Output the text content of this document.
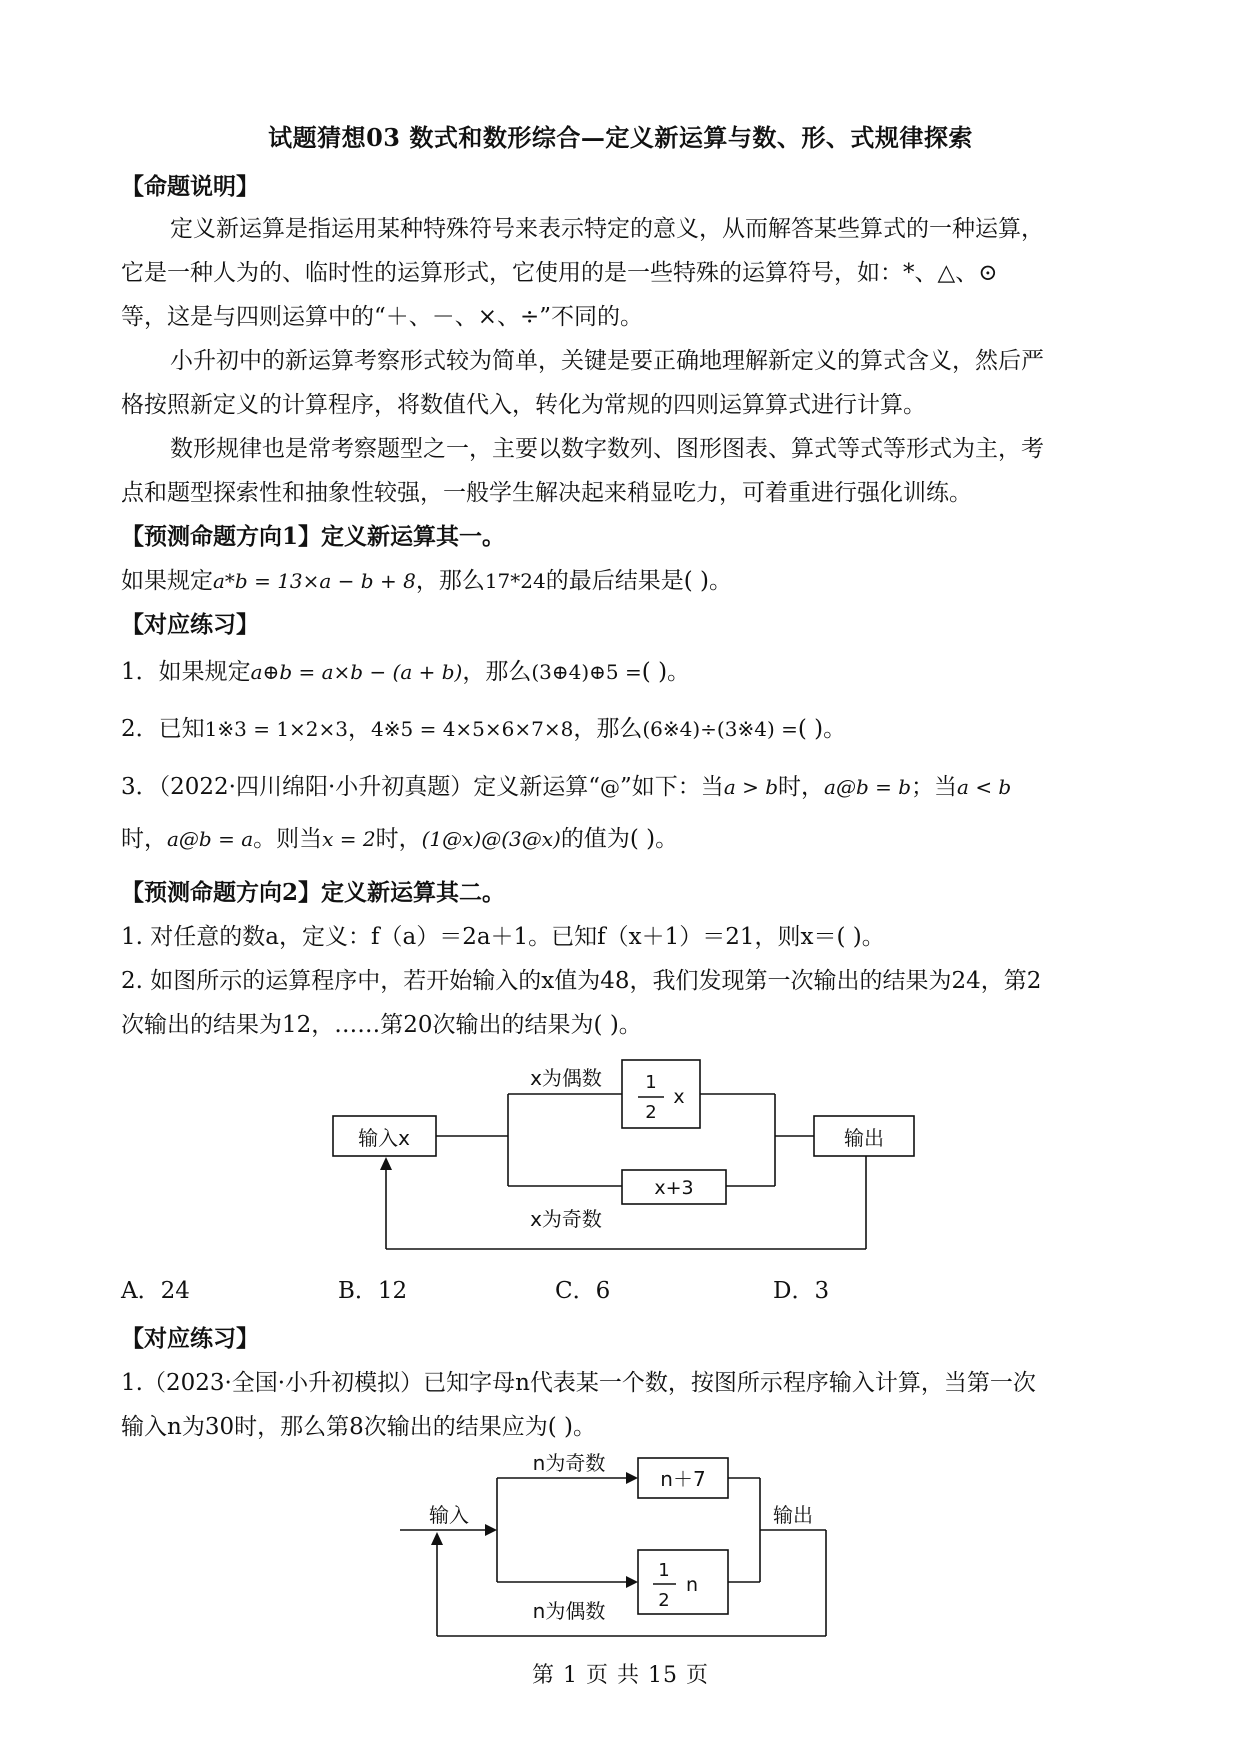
试题猜想03 数式和数形综合—定义新运算与数、形、式规律探索
【命题说明】
定义新运算是指运用某种特殊符号来表示特定的意义，从而解答某些算式的一种运算，
它是一种人为的、临时性的运算形式，它使用的是一些特殊的运算符号，如：*、△、⊙
等，这是与四则运算中的“＋、－、×、÷”不同的。
小升初中的新运算考察形式较为简单，关键是要正确地理解新定义的算式含义，然后严
格按照新定义的计算程序，将数值代入，转化为常规的四则运算算式进行计算。
数形规律也是常考察题型之一，主要以数字数列、图形图表、算式等式等形式为主，考
点和题型探索性和抽象性较强，一般学生解决起来稍显吃力，可着重进行强化训练。
【预测命题方向1】定义新运算其一。
如果规定a*b = 13×a − b + 8，那么17*24的最后结果是( )。
【对应练习】
1．如果规定a⊕b = a×b − (a + b)，那么(3⊕4)⊕5 =( )。
2．已知1※3 = 1×2×3，4※5 = 4×5×6×7×8，那么(6※4)÷(3※4) =( )。
3．（2022·四川绵阳·小升初真题）定义新运算“@”如下：当a > b时，a@b = b；当a < b
时，a@b = a。则当x = 2时，(1@x)@(3@x)的值为( )。
【预测命题方向2】定义新运算其二。
1. 对任意的数a，定义：f（a）＝2a＋1。已知f（x＋1）＝21，则x＝( )。
2. 如图所示的运算程序中，若开始输入的x值为48，我们发现第一次输出的结果为24，第2
次输出的结果为12，……第20次输出的结果为( )。
输入x
x为偶数 1
2
x
x+3
x为奇数
输出
A．24	B．12	C．6	D．3
【对应练习】
1.（2023·全国·小升初模拟）已知字母n代表某一个数，按图所示程序输入计算，当第一次
输入n为30时，那么第8次输出的结果应为( )。
输入
n为奇数
n＋7
1
2
n
n为偶数
输出
第 1 页 共 15 页
